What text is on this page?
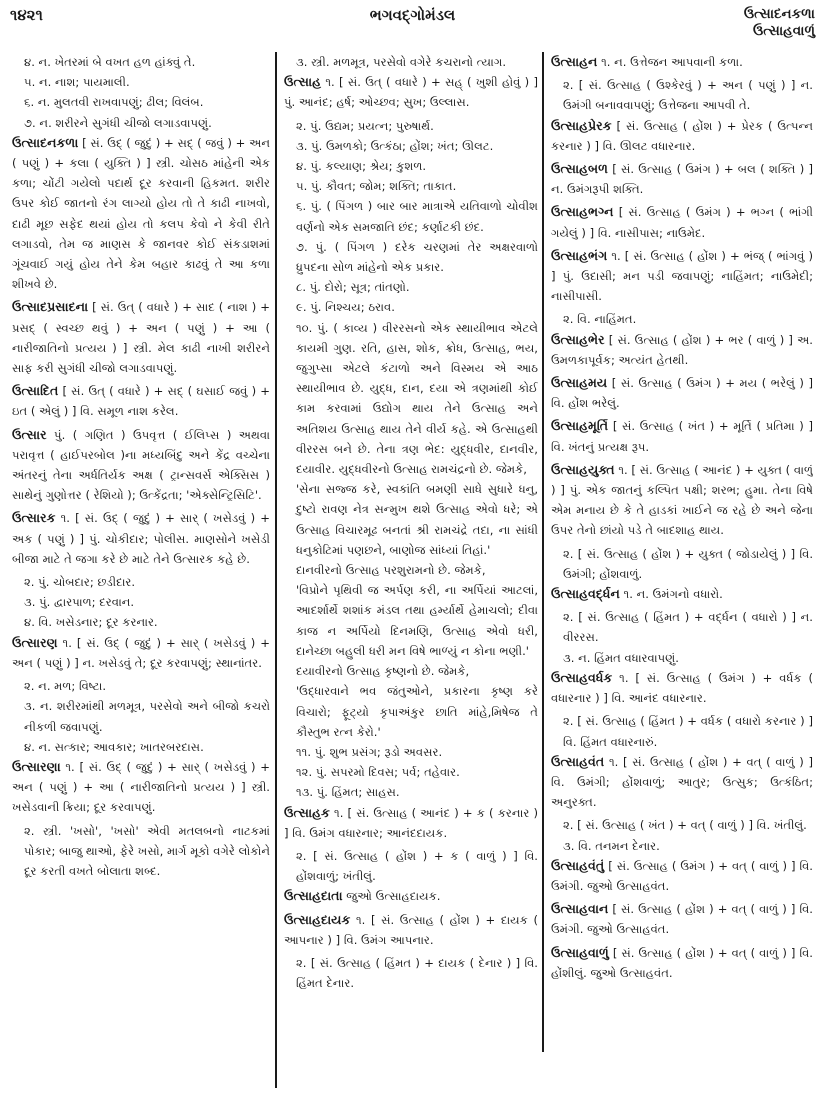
૧૪૨૧	ભગવદ્ગોમંડલ	ઉત્સાદનકળા
ઉત્સાહવાળું
૪. ન. ખેતરમાં બે વખત હળ હાંક્વું તે.
૫. ન. નાશ; પાયમાલી.
૬. ન. મુલતવી રાખવાપણું; ઢીલ; વિલંબ.
૭. ન. શરીરને સુગંધી ચીજો લગાડવાપણું.
ઉત્સાદનકળા [ સં. ઉદ્ ( જુદું ) + સદ્ ( જવું ) + અન ( પણું ) + કલા ( યુક્તિ ) ] સ્ત્રી. ચોસઠ માંહેની એક કળા; ચોંટી ગયેલો પદાર્થ દૂર કરવાની હિકમત. શરીર ઉપર કોઈ જાતનો રંગ લાગ્યો હોય તો તે કાઢી નાખવો, દાઢી મૂછ સફેદ થયાં હોય તો કલપ કેવો ને કેવી રીતે લગાડવો, તેમ જ માણસ કે જાનવર કોઈ સંકડાશમાં ગૂંચવાઈ ગયું હોય તેને કેમ બહાર કાઢવું તે આ કળા શીખવે છે.
ઉત્સાદપ્રસાદના [ સં. ઉત્ ( વધારે ) + સાદ ( નાશ ) + પ્રસદ્ ( સ્વચ્છ થવું ) + અન ( પણું ) + આ ( નારીજાતિનો પ્રત્યય ) ] સ્ત્રી. મેલ કાઢી નાખી શરીરને સાફ કરી સુગંધી ચીજો લગાડવાપણું.
ઉત્સાદિત [ સં. ઉત્ ( વધારે ) + સદ્ ( ઘસાઈ જવું ) + ઇત ( એલું ) ] વિ. સમૂળ નાશ કરેલ.
ઉત્સાર પું. ( ગણિત ) ઉપવૃત્ત ( ઈલિપ્સ ) અથવા પરાવૃત્ત ( હાઈપરબોલ )ના મધ્યબિંદુ અને કેંદ્ર વચ્ચેના અંતરનું તેના અર્ધતિર્યક અક્ષ ( ટ્રાન્સવર્સ એક્સિસ ) સાથેનું ગુણોત્તર ( રેશિયો ); ઉત્કેંદ્રતા; 'એક્સેન્ટ્રિસિટિ'.
ઉત્સારક ૧. [ સં. ઉદ્ ( જુદું ) + સાર્ ( ખસેડવું ) + અક ( પણું ) ] પું. ચોકીદાર; પોલીસ. માણસોને ખસેડી બીજા માટે તે જગા કરે છે માટે તેને ઉત્સારક કહે છે.
૨. પું. ચોબદાર; છડીદાર.
૩. પું. દ્વારપાળ; દરવાન.
૪. વિ. ખસેડનાર; દૂર કરનાર.
ઉત્સારણ ૧. [ સં. ઉદ્ ( જુદું ) + સાર્ ( ખસેડવું ) + અન ( પણું ) ] ન. ખસેડવું તે; દૂર કરવાપણું; સ્થાનાંતર.
૨. ન. મળ; વિષ્ટા.
૩. ન. શરીરમાંથી મળમૂત્ર, પરસેવો અને બીજો કચરો નીકળી જવાપણું.
૪. ન. સત્કાર; આવકાર; ખાતરબરદાસ.
ઉત્સારણા ૧. [ સં. ઉદ્ ( જુદું ) + સાર્ ( ખસેડવું ) + અન ( પણું ) + આ ( નારીજાતિનો પ્રત્યય ) ] સ્ત્રી. ખસેડવાની ક્રિયા; દૂર કરવાપણું.
૨. સ્ત્રી. 'ખસો', 'ખસો' એવી મતલબનો નાટકમાં પોકાર; બાજુ થાઓ, ફેરે ખસો, માર્ગ મૂકો વગેરે લોકોને દૂર કરતી વખતે બોલાતા શબ્દ.
૩. સ્ત્રી. મળમૂત્ર, પરસેવો વગેરે કચરાનો ત્યાગ.
ઉત્સાહ ૧. [ સં. ઉત્ ( વધારે ) + સહ્ ( ખુશી હોવું ) ] પું. આનંદ; હર્ષ; ઓચ્છવ; સુખ; ઉલ્લાસ.
૨. પું. ઉદ્યમ; પ્રયત્ન; પુરુષાર્થ.
૩. પું. ઉમળકો; ઉત્કંઠા; હોંશ; ખંત; ઊલટ.
૪. પું. કલ્યાણ; શ્રેય; કુશળ.
૫. પું. કૌવત; જોમ; શક્તિ; તાકાત.
૬. પું. ( પિંગળ ) બાર બાર માત્રાએ યતિવાળો ચોવીશ વર્ણનો એક સમજાતિ છંદ; કર્ણાટકી છંદ.
૭. પું. ( પિંગળ ) દરેક ચરણમાં તેર અક્ષરવાળો ધ્રુપદના સોળ માંહેનો એક પ્રકાર.
૮. પું. દોરો; સૂત્ર; તાંતણો.
૯. પું. નિશ્ચય; ઠરાવ.
૧૦. પું. ( કાવ્ય ) વીરરસનો એક સ્થાયીભાવ એટલે કાયમી ગુણ. રતિ, હાસ, શોક, ક્રોધ, ઉત્સાહ, ભય, જુગુપ્સા એટલે કંટાળો અને વિસ્મય એ આઠ સ્થાયીભાવ છે. યુદ્ધ, દાન, દયા એ ત્રણમાંથી કોઈ કામ કરવામાં ઉદ્યોગ થાય તેને ઉત્સાહ અને અતિશય ઉત્સાહ થાય તેને વીર્ય કહે. એ ઉત્સાહથી વીરરસ બને છે. તેના ત્રણ ભેદ: યુદ્ધવીર, દાનવીર, દયાવીર. યુદ્ધવીરનો ઉત્સાહ રામચંદ્રનો છે. જેમકે,
'સેના સજ્જ કરે, સ્વકાંતિ બમણી સાધે સુધારે ધનુ, દુષ્ટો રાવણ નેત્ર સન્મુખ થશે ઉત્સાહ એવો ધરે; એ ઉત્સાહ વિચારમૂઢ બનતાં શ્રી રામચંદ્રે તદા, ના સાંધી ધનુકોટિમાં પણછને, બાણોજ સાંધ્યાં તિહાં.'
દાનવીરનો ઉત્સાહ પરશુરામનો છે. જેમકે,
'વિપ્રોને પૃથિવી જ અર્પણ કરી, ના અર્પિયાં આટલાં, આદર્શાર્થે શશાંક મંડલ તથા હર્મ્યાર્થે હેમાચલો; દીવા કાજ ન અર્પિયો દિનમણિ, ઉત્સાહ એવો ધરી, દાનેચ્છા બહુલી ધરી મન વિષે ભાળ્યું ન કોના ભણી.'
દયાવીરનો ઉત્સાહ કૃષ્ણનો છે. જેમકે,
'ઉદ્ધારવાને ભવ જંતુઓને, પ્રકારના કૃષ્ણ કરે વિચારો; ફૂટ્યો કૃપાઅંકુર છાતિ માંહે,મિષેજ તે કૌસ્તુભ રત્ન કેરો.'
૧૧. પું. શુભ પ્રસંગ; રૂડો અવસર.
૧૨. પું. સપરમો દિવસ; પર્વ; તહેવાર.
૧૩. પું. હિંમત; સાહસ.
ઉત્સાહક ૧. [ સં. ઉત્સાહ ( આનંદ ) + ક ( કરનાર ) ] વિ. ઉમંગ વધારનાર; આનંદદાયક.
૨. [ સં. ઉત્સાહ ( હોંશ ) + ક ( વાળું ) ] વિ. હોંશવાળું; ખંતીલું.
ઉત્સાહદાતા જુઓ ઉત્સાહદાયક.
ઉત્સાહદાયક ૧. [ સં. ઉત્સાહ ( હોંશ ) + દાયક ( આપનાર ) ] વિ. ઉમંગ આપનાર.
૨. [ સં. ઉત્સાહ ( હિંમત ) + દાયક ( દેનાર ) ] વિ. હિંમત દેનાર.
ઉત્સાહન ૧. ન. ઉત્તેજન આપવાની કળા.
૨. [ સં. ઉત્સાહ ( ઉશ્કેરવું ) + અન ( પણું ) ] ન. ઉમંગી બનાવવાપણું; ઉત્તેજના આપવી તે.
ઉત્સાહપ્રેરક [ સં. ઉત્સાહ ( હોંશ ) + પ્રેરક ( ઉત્પન્ન કરનાર ) ] વિ. ઊલટ વધારનાર.
ઉત્સાહબળ [ સં. ઉત્સાહ ( ઉમંગ ) + બલ ( શક્તિ ) ] ન. ઉમંગરૂપી શક્તિ.
ઉત્સાહભગ્ન [ સં. ઉત્સાહ ( ઉમંગ ) + ભગ્ન ( ભાંગી ગયેલું ) ] વિ. નાસીપાસ; નાઉમેદ.
ઉત્સાહભંગ ૧. [ સં. ઉત્સાહ ( હોંશ ) + ભંજ્ ( ભાંગવું ) ] પું. ઉદાસી; મન પડી જવાપણું; નાહિંમત; નાઉમેદી; નાસીપાસી.
૨. વિ. નાહિંમત.
ઉત્સાહભેર [ સં. ઉત્સાહ ( હોંશ ) + ભર ( વાળું ) ] અ. ઉમળકાપૂર્વક; અત્યંત હેતથી.
ઉત્સાહમય [ સં. ઉત્સાહ ( ઉમંગ ) + મય ( ભરેલું ) ] વિ. હોંશ ભરેલું.
ઉત્સાહમૂર્તિ [ સં. ઉત્સાહ ( ખંત ) + મૂર્તિ ( પ્રતિમા ) ] વિ. ખંતનું પ્રત્યક્ષ રૂપ.
ઉત્સાહયુક્ત ૧. [ સં. ઉત્સાહ ( આનંદ ) + યુક્ત ( વાળું ) ] પું. એક જાતનું કલ્પિત પક્ષી; શરભ; હુમા. તેના વિષે એમ મનાય છે કે તે હાડકાં ખાઈને જ રહે છે અને જેના ઉપર તેનો છાંયો પડે તે બાદશાહ થાય.
૨. [ સં. ઉત્સાહ ( હોંશ ) + યુક્ત ( જોડાયેલું ) ] વિ. ઉમંગી; હોંશવાળું.
ઉત્સાહવર્દ્ધન ૧. ન. ઉમંગનો વધારો.
૨. [ સં. ઉત્સાહ ( હિંમત ) + વર્દ્ધન ( વધારો ) ] ન. વીરરસ.
૩. ન. હિંમત વધારવાપણું.
ઉત્સાહવર્ધક ૧. [ સં. ઉત્સાહ ( ઉમંગ ) + વર્ધક ( વધારનાર ) ] વિ. આનંદ વધારનાર.
૨. [ સં. ઉત્સાહ ( હિંમત ) + વર્ધક ( વધારો કરનાર ) ] વિ. હિંમત વધારનારું.
ઉત્સાહવંત ૧. [ સં. ઉત્સાહ ( હોંશ ) + વત્ ( વાળું ) ] વિ. ઉમંગી; હોંશવાળું; આતુર; ઉત્સુક; ઉત્કંઠિત; અનુરક્ત.
૨. [ સં. ઉત્સાહ ( ખંત ) + વત્ ( વાળું ) ] વિ. ખંતીલું.
૩. વિ. તનમન દેનાર.
ઉત્સાહવંતું [ સં. ઉત્સાહ ( ઉમંગ ) + વત્ ( વાળું ) ] વિ. ઉમંગી. જુઓ ઉત્સાહવંત.
ઉત્સાહવાન [ સં. ઉત્સાહ ( હોંશ ) + વત્ ( વાળું ) ] વિ. ઉમંગી. જુઓ ઉત્સાહવંત.
ઉત્સાહવાળું [ સં. ઉત્સાહ ( હોંશ ) + વત્ ( વાળું ) ] વિ. હોંશીલું. જુઓ ઉત્સાહવંત.
